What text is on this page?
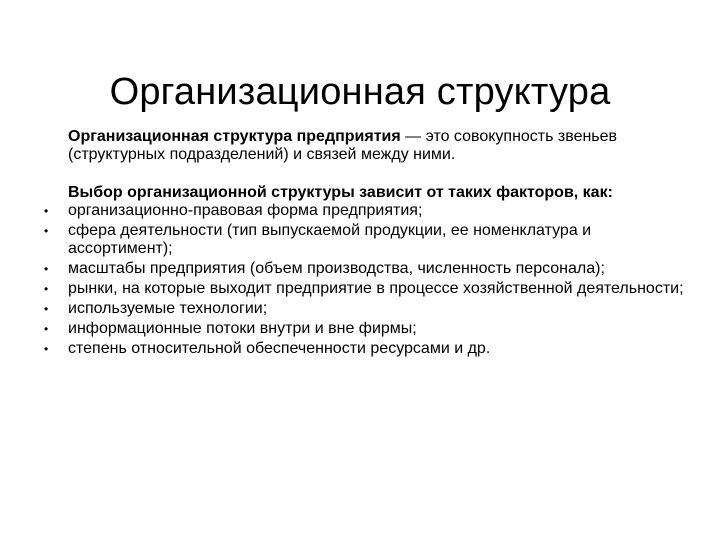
Организационная структура

Организационная структура предприятия — это совокупность звеньев (структурных подразделений) и связей между ними.

Выбор организационной структуры зависит от таких факторов, как:

• организационно-правовая форма предприятия;
• сфера деятельности (тип выпускаемой продукции, ее номенклатура и ассортимент);
• масштабы предприятия (объем производства, численность персонала);
• рынки, на которые выходит предприятие в процессе хозяйственной деятельности;
• используемые технологии;
• информационные потоки внутри и вне фирмы;
• степень относительной обеспеченности ресурсами и др.
